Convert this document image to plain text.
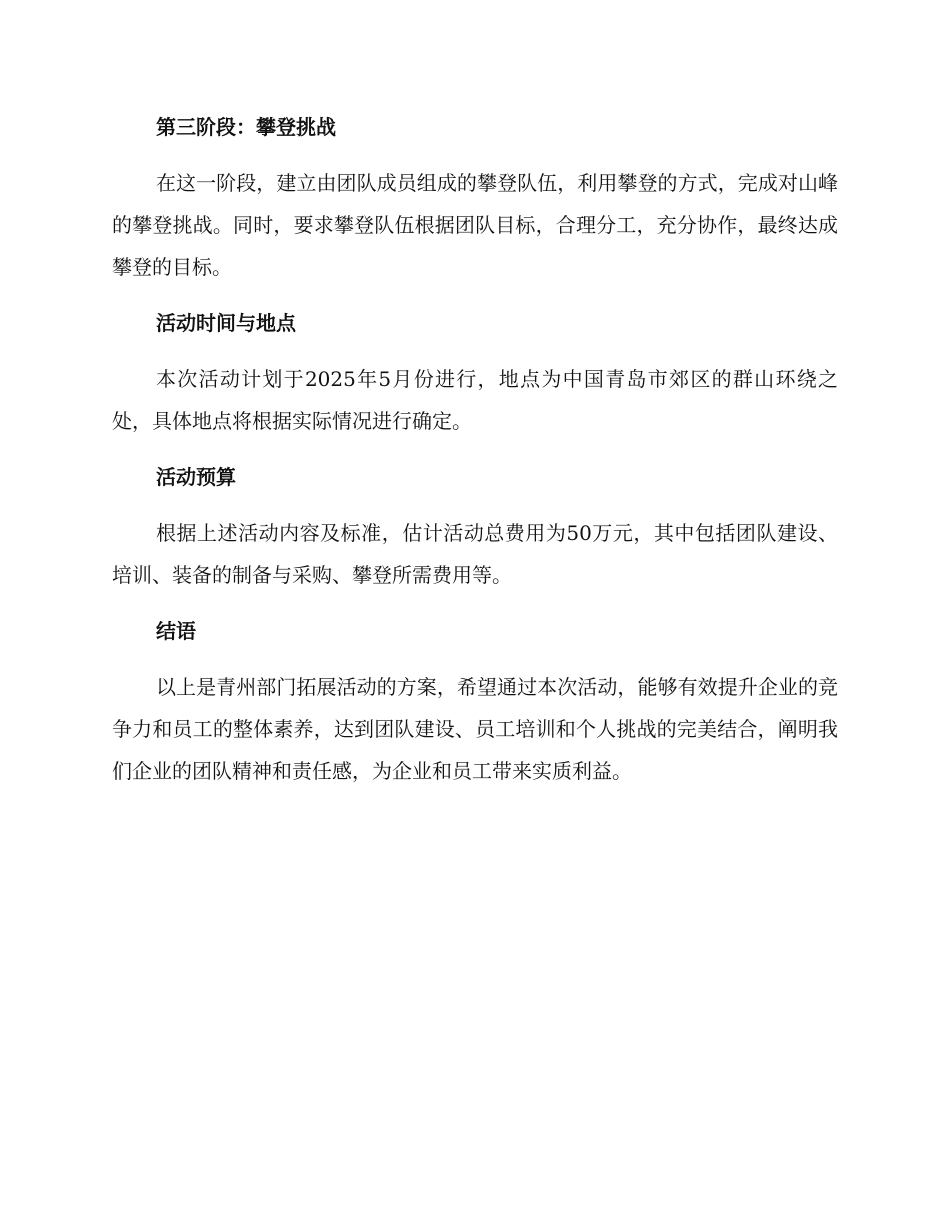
第三阶段：攀登挑战

在这一阶段，建立由团队成员组成的攀登队伍，利用攀登的方式，完成对山峰的攀登挑战。同时，要求攀登队伍根据团队目标，合理分工，充分协作，最终达成攀登的目标。

活动时间与地点

本次活动计划于2025年5月份进行，地点为中国青岛市郊区的群山环绕之处，具体地点将根据实际情况进行确定。

活动预算

根据上述活动内容及标准，估计活动总费用为50万元，其中包括团队建设、培训、装备的制备与采购、攀登所需费用等。

结语

以上是青州部门拓展活动的方案，希望通过本次活动，能够有效提升企业的竞争力和员工的整体素养，达到团队建设、员工培训和个人挑战的完美结合，阐明我们企业的团队精神和责任感，为企业和员工带来实质利益。
